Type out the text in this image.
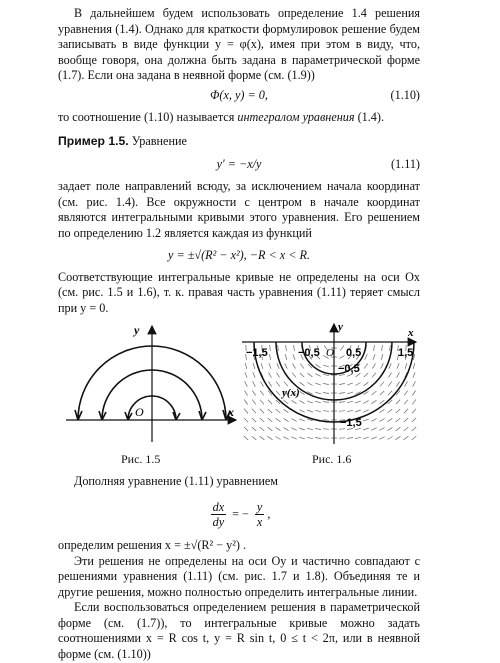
В дальнейшем будем использовать определение 1.4 решения уравнения (1.4). Однако для краткости формулировок решение будем записывать в виде функции y = φ(x), имея при этом в виду, что, вообще говоря, она должна быть задана в параметрической форме (1.7). Если она задана в неявной форме (см. (1.9))

Φ(x, y) = 0,	(1.10)

то соотношение (1.10) называется интегралом уравнения (1.4).

Пример 1.5. Уравнение

y′ = −x/y	(1.11)

задает поле направлений всюду, за исключением начала координат (см. рис. 1.4). Все окружности с центром в начале координат являются интегральными кривыми этого уравнения. Его решением по определению 1.2 является каждая из функций

y = ±√(R² − x²), −R < x < R.

Соответствующие интегральные кривые не определены на оси Ox (см. рис. 1.5 и 1.6), т. к. правая часть уравнения (1.11) теряет смысл при y = 0.

x
y
O
Рис. 1.5
x
y
O
−1,5	−0,5 0,5	1,5
−0,5
y(x)
−1,5
Рис. 1.6

Дополняя уравнение (1.11) уравнением

$\frac{dx}{dy}$ = − $\frac{y}{x}$ ,

определим решения x = ±√(R² − y²) .

Эти решения не определены на оси Oy и частично совпадают с решениями уравнения (1.11) (см. рис. 1.7 и 1.8). Объединяя те и другие решения, можно полностью определить интегральные линии.

Если воспользоваться определением решения в параметрической форме (см. (1.7)), то интегральные кривые можно задать соотношениями x = R cos t, y = R sin t, 0 ≤ t < 2π, или в неявной форме (см. (1.10))
